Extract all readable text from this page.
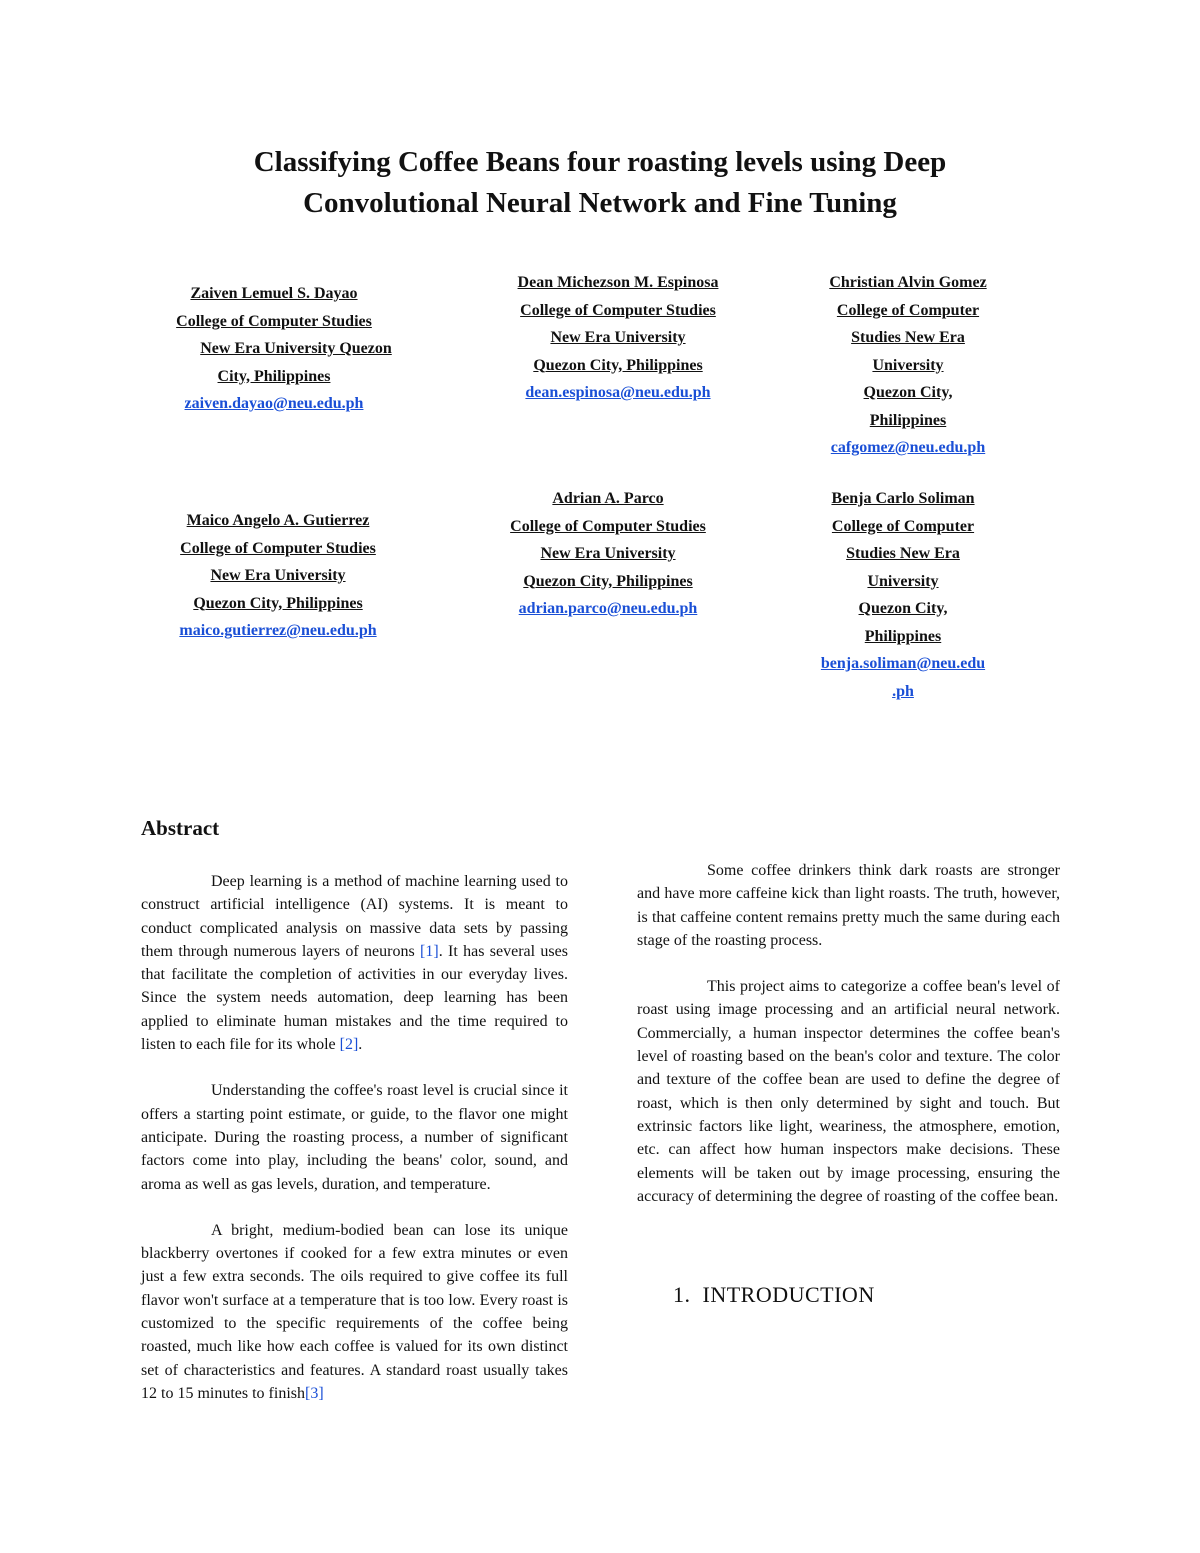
Classifying Coffee Beans four roasting levels using Deep
Convolutional Neural Network and Fine Tuning
Zaiven Lemuel S. Dayao
College of Computer Studies
New Era University Quezon
City, Philippines
zaiven.dayao@neu.edu.ph
Dean Michezson M. Espinosa
College of Computer Studies
New Era University
Quezon City, Philippines
dean.espinosa@neu.edu.ph
Christian Alvin Gomez
College of Computer
Studies New Era
University
Quezon City,
Philippines
cafgomez@neu.edu.ph
Maico Angelo A. Gutierrez
College of Computer Studies
New Era University
Quezon City, Philippines
maico.gutierrez@neu.edu.ph
Adrian A. Parco
College of Computer Studies
New Era University
Quezon City, Philippines
adrian.parco@neu.edu.ph
Benja Carlo Soliman
College of Computer
Studies New Era
University
Quezon City,
Philippines
benja.soliman@neu.edu
.ph
Abstract

Deep learning is a method of machine learning used to construct artificial intelligence (AI) systems. It is meant to conduct complicated analysis on massive data sets by passing them through numerous layers of neurons [1]. It has several uses that facilitate the completion of activities in our everyday lives. Since the system needs automation, deep learning has been applied to eliminate human mistakes and the time required to listen to each file for its whole [2].

Understanding the coffee's roast level is crucial since it offers a starting point estimate, or guide, to the flavor one might anticipate. During the roasting process, a number of significant factors come into play, including the beans' color, sound, and aroma as well as gas levels, duration, and temperature.

A bright, medium-bodied bean can lose its unique blackberry overtones if cooked for a few extra minutes or even just a few extra seconds. The oils required to give coffee its full flavor won't surface at a temperature that is too low. Every roast is customized to the specific requirements of the coffee being roasted, much like how each coffee is valued for its own distinct set of characteristics and features. A standard roast usually takes 12 to 15 minutes to finish[3]

Some coffee drinkers think dark roasts are stronger and have more caffeine kick than light roasts. The truth, however, is that caffeine content remains pretty much the same during each stage of the roasting process.

This project aims to categorize a coffee bean's level of roast using image processing and an artificial neural network. Commercially, a human inspector determines the coffee bean's level of roasting based on the bean's color and texture. The color and texture of the coffee bean are used to define the degree of roast, which is then only determined by sight and touch. But extrinsic factors like light, weariness, the atmosphere, emotion, etc. can affect how human inspectors make decisions. These elements will be taken out by image processing, ensuring the accuracy of determining the degree of roasting of the coffee bean.

1. INTRODUCTION
